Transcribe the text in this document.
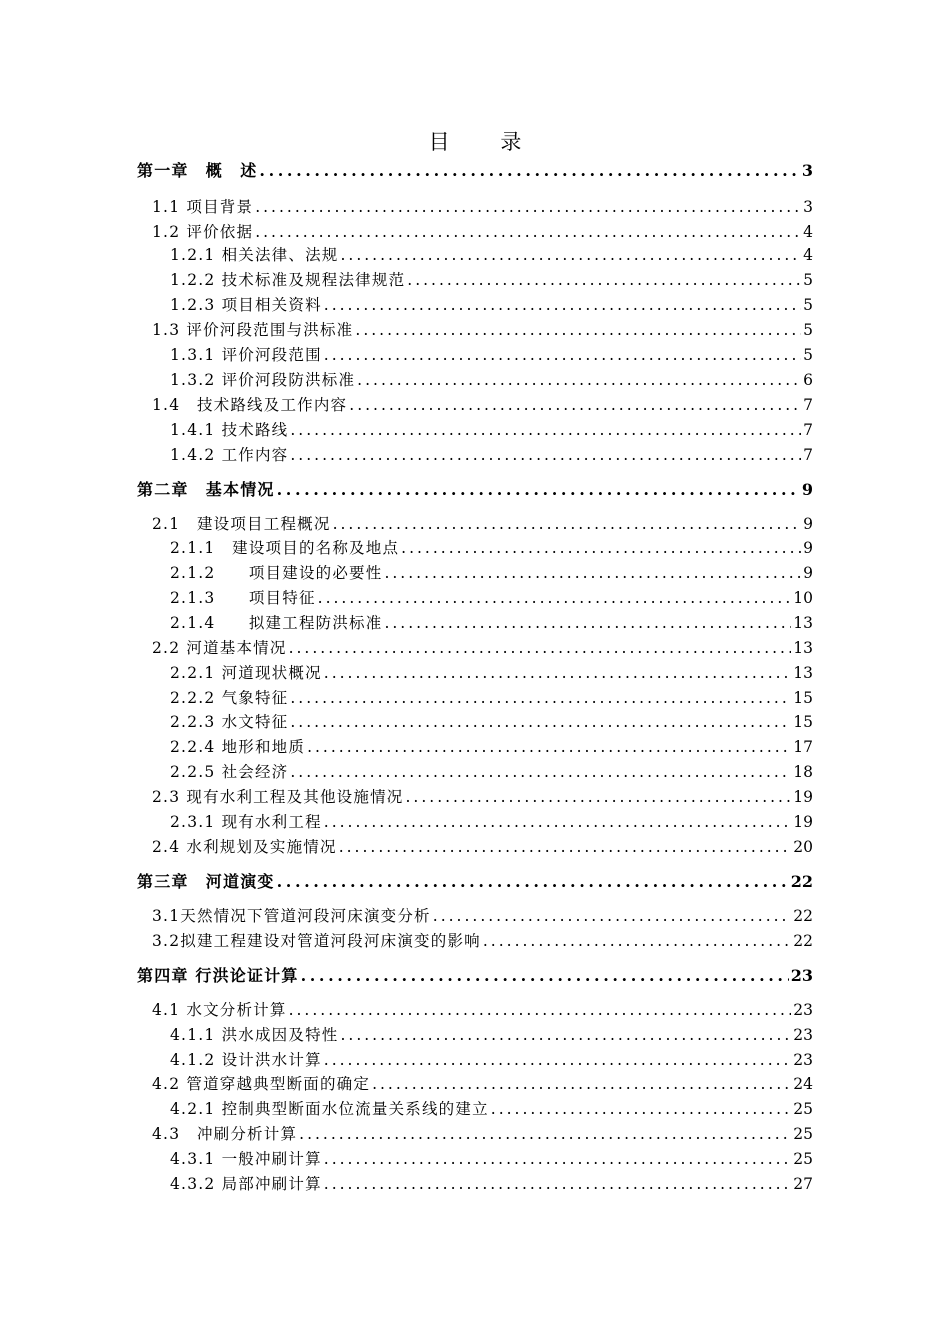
目 录
第一章　概　述 .....	3
1.1 项目背景 .....	3
1.2 评价依据 .....	4
1.2.1 相关法律、法规 .....	4
1.2.2 技术标准及规程法律规范 .....	5
1.2.3 项目相关资料 .....	5
1.3 评价河段范围与洪标准 .....	5
1.3.1 评价河段范围 .....	5
1.3.2 评价河段防洪标准 .....	6
1.4　技术路线及工作内容 .....	7
1.4.1 技术路线 .....	7
1.4.2 工作内容 .....	7
第二章　基本情况 .....	9
2.1　建设项目工程概况 .....	9
2.1.1　建设项目的名称及地点 .....	9
2.1.2　　项目建设的必要性 .....	9
2.1.3　　项目特征 .....	10
2.1.4　　拟建工程防洪标准 .....	13
2.2 河道基本情况 .....	13
2.2.1 河道现状概况 .....	13
2.2.2 气象特征 .....	15
2.2.3 水文特征 .....	15
2.2.4 地形和地质 .....	17
2.2.5 社会经济 .....	18
2.3 现有水利工程及其他设施情况 .....	19
2.3.1 现有水利工程 .....	19
2.4 水利规划及实施情况 .....	20
第三章　河道演变 .....	22
3.1天然情况下管道河段河床演变分析 .....	22
3.2拟建工程建设对管道河段河床演变的影响 .....	22
第四章 行洪论证计算 .....	23
4.1 水文分析计算 .....	23
4.1.1 洪水成因及特性 .....	23
4.1.2 设计洪水计算 .....	23
4.2 管道穿越典型断面的确定 .....	24
4.2.1 控制典型断面水位流量关系线的建立 .....	25
4.3　冲刷分析计算 .....	25
4.3.1 一般冲刷计算 .....	25
4.3.2 局部冲刷计算 .....	27
